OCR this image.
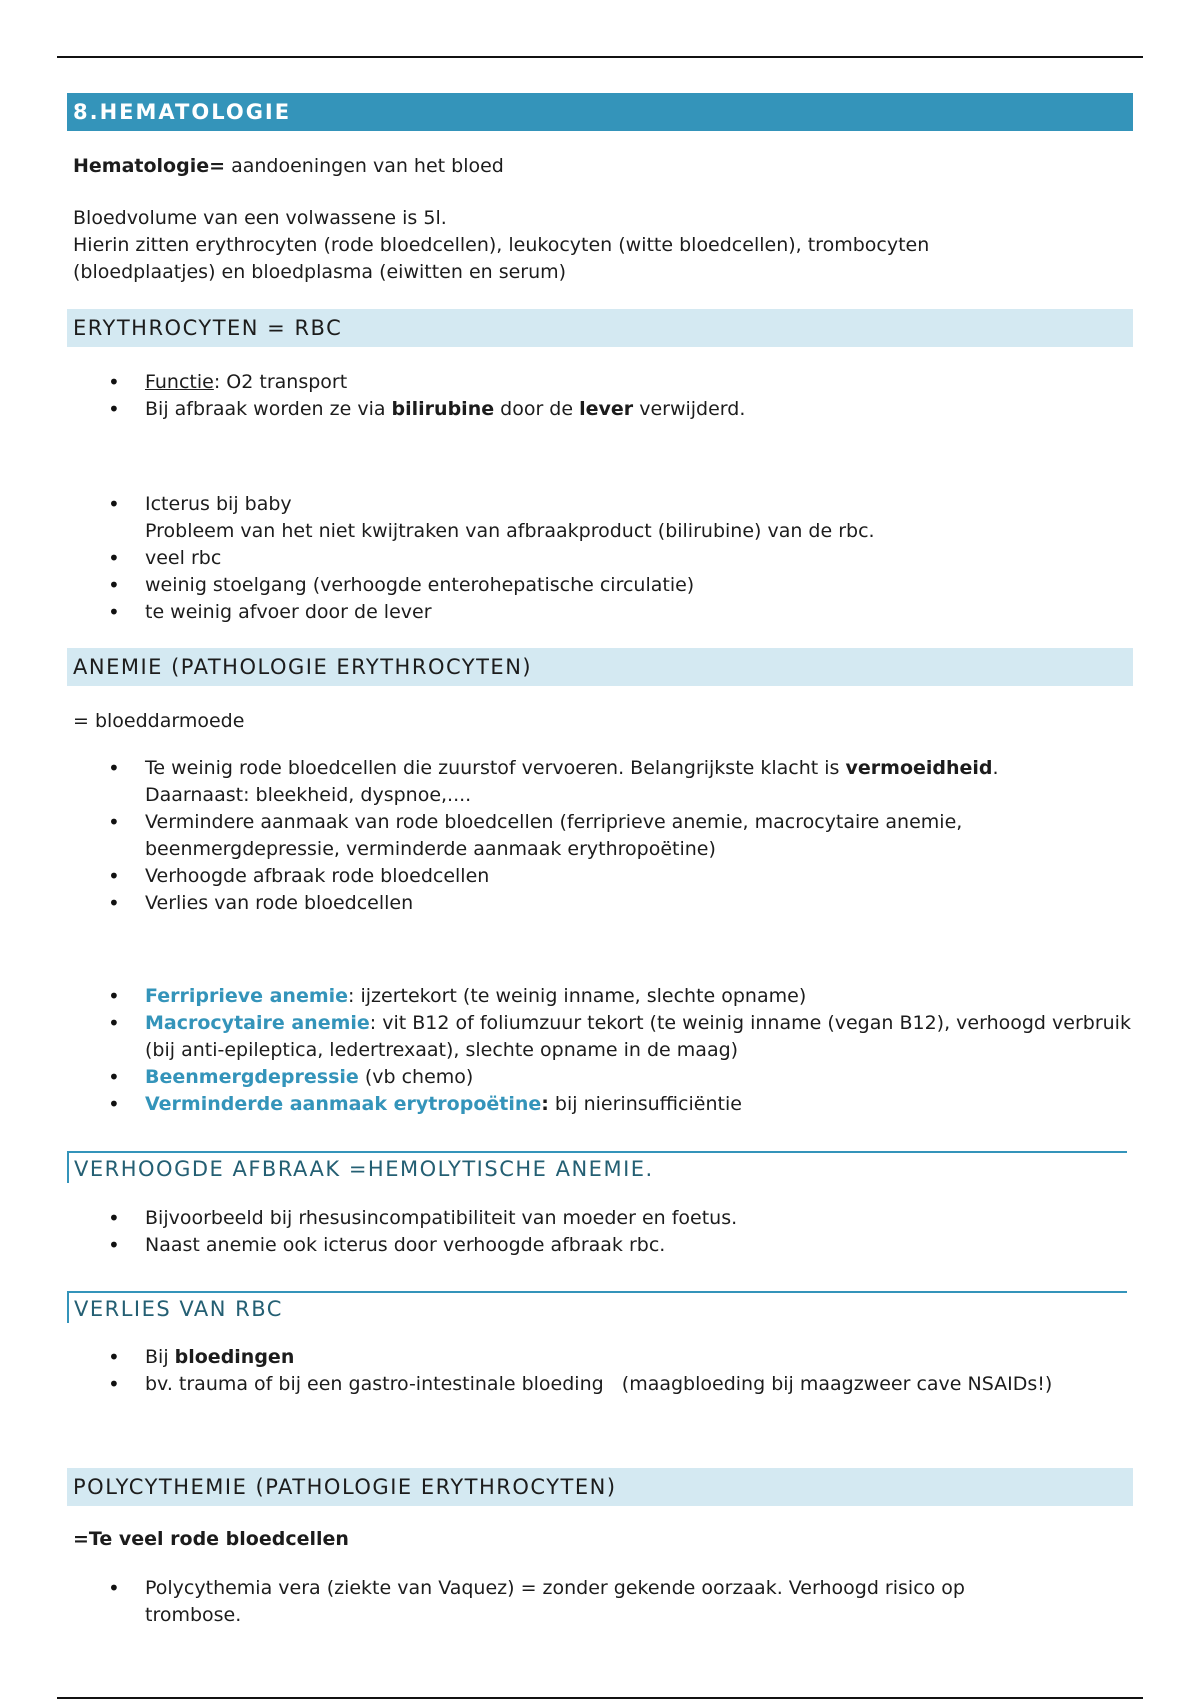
8.HEMATOLOGIE

Hematologie= aandoeningen van het bloed

Bloedvolume van een volwassene is 5l.

Hierin zitten erythrocyten (rode bloedcellen), leukocyten (witte bloedcellen), trombocyten (bloedplaatjes) en bloedplasma (eiwitten en serum)

ERYTHROCYTEN = RBC
• Functie: O2 transport
• Bij afbraak worden ze via bilirubine door de lever verwijderd.
• Icterus bij baby
Probleem van het niet kwijtraken van afbraakproduct (bilirubine) van de rbc.
• veel rbc
• weinig stoelgang (verhoogde enterohepatische circulatie)
• te weinig afvoer door de lever
ANEMIE (PATHOLOGIE ERYTHROCYTEN)

= bloeddarmoede

• Te weinig rode bloedcellen die zuurstof vervoeren. Belangrijkste klacht is vermoeidheid.
Daarnaast: bleekheid, dyspnoe,....
• Vermindere aanmaak van rode bloedcellen (ferriprieve anemie, macrocytaire anemie, beenmergdepressie, verminderde aanmaak erythropoëtine)
• Verhoogde afbraak rode bloedcellen
• Verlies van rode bloedcellen
• Ferriprieve anemie: ijzertekort (te weinig inname, slechte opname)
• Macrocytaire anemie: vit B12 of foliumzuur tekort (te weinig inname (vegan B12), verhoogd verbruik (bij anti-epileptica, ledertrexaat), slechte opname in de maag)
• Beenmergdepressie (vb chemo)
• Verminderde aanmaak erytropoëtine: bij nierinsufficiëntie
VERHOOGDE AFBRAAK =HEMOLYTISCHE ANEMIE.
• Bijvoorbeeld bij rhesusincompatibiliteit van moeder en foetus.
• Naast anemie ook icterus door verhoogde afbraak rbc.
VERLIES VAN RBC
• Bij bloedingen
• bv. trauma of bij een gastro-intestinale bloeding   (maagbloeding bij maagzweer cave NSAIDs!)
POLYCYTHEMIE (PATHOLOGIE ERYTHROCYTEN)

=Te veel rode bloedcellen

• Polycythemia vera (ziekte van Vaquez) = zonder gekende oorzaak. Verhoogd risico op trombose.
